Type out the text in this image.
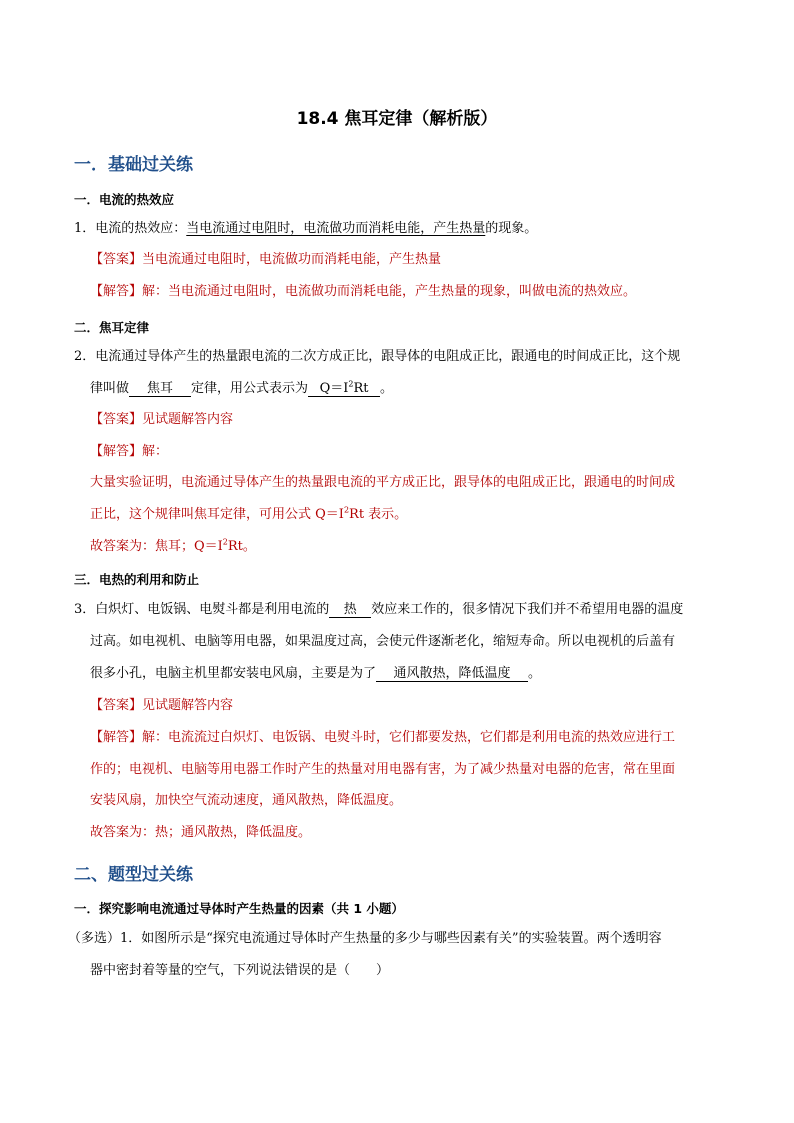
18.4 焦耳定律（解析版）
一．基础过关练
一．电流的热效应
1．电流的热效应：当电流通过电阻时，电流做功而消耗电能，产生热量的现象。
【答案】当电流通过电阻时，电流做功而消耗电能，产生热量
【解答】解：当电流通过电阻时，电流做功而消耗电能，产生热量的现象，叫做电流的热效应。
二．焦耳定律
2．电流通过导体产生的热量跟电流的二次方成正比，跟导体的电阻成正比，跟通电的时间成正比，这个规
律叫做 焦耳 定律，用公式表示为 $Q=I^2Rt$ 。
【答案】见试题解答内容
【解答】解：
大量实验证明，电流通过导体产生的热量跟电流的平方成正比，跟导体的电阻成正比，跟通电的时间成
正比，这个规律叫焦耳定律，可用公式 $Q=I^2Rt$ 表示。
故答案为：焦耳；$Q=I^2Rt$。
三．电热的利用和防止
3．白炽灯、电饭锅、电熨斗都是利用电流的 热 效应来工作的，很多情况下我们并不希望用电器的温度
过高。如电视机、电脑等用电器，如果温度过高，会使元件逐渐老化，缩短寿命。所以电视机的后盖有
很多小孔，电脑主机里都安装电风扇，主要是为了 通风散热，降低温度 。
【答案】见试题解答内容
【解答】解：电流流过白炽灯、电饭锅、电熨斗时，它们都要发热，它们都是利用电流的热效应进行工
作的；电视机、电脑等用电器工作时产生的热量对用电器有害，为了减少热量对电器的危害，常在里面
安装风扇，加快空气流动速度，通风散热，降低温度。
故答案为：热；通风散热，降低温度。
二、题型过关练
一．探究影响电流通过导体时产生热量的因素（共 1 小题）
（多选）1．如图所示是“探究电流通过导体时产生热量的多少与哪些因素有关”的实验装置。两个透明容
器中密封着等量的空气，下列说法错误的是（　　）
